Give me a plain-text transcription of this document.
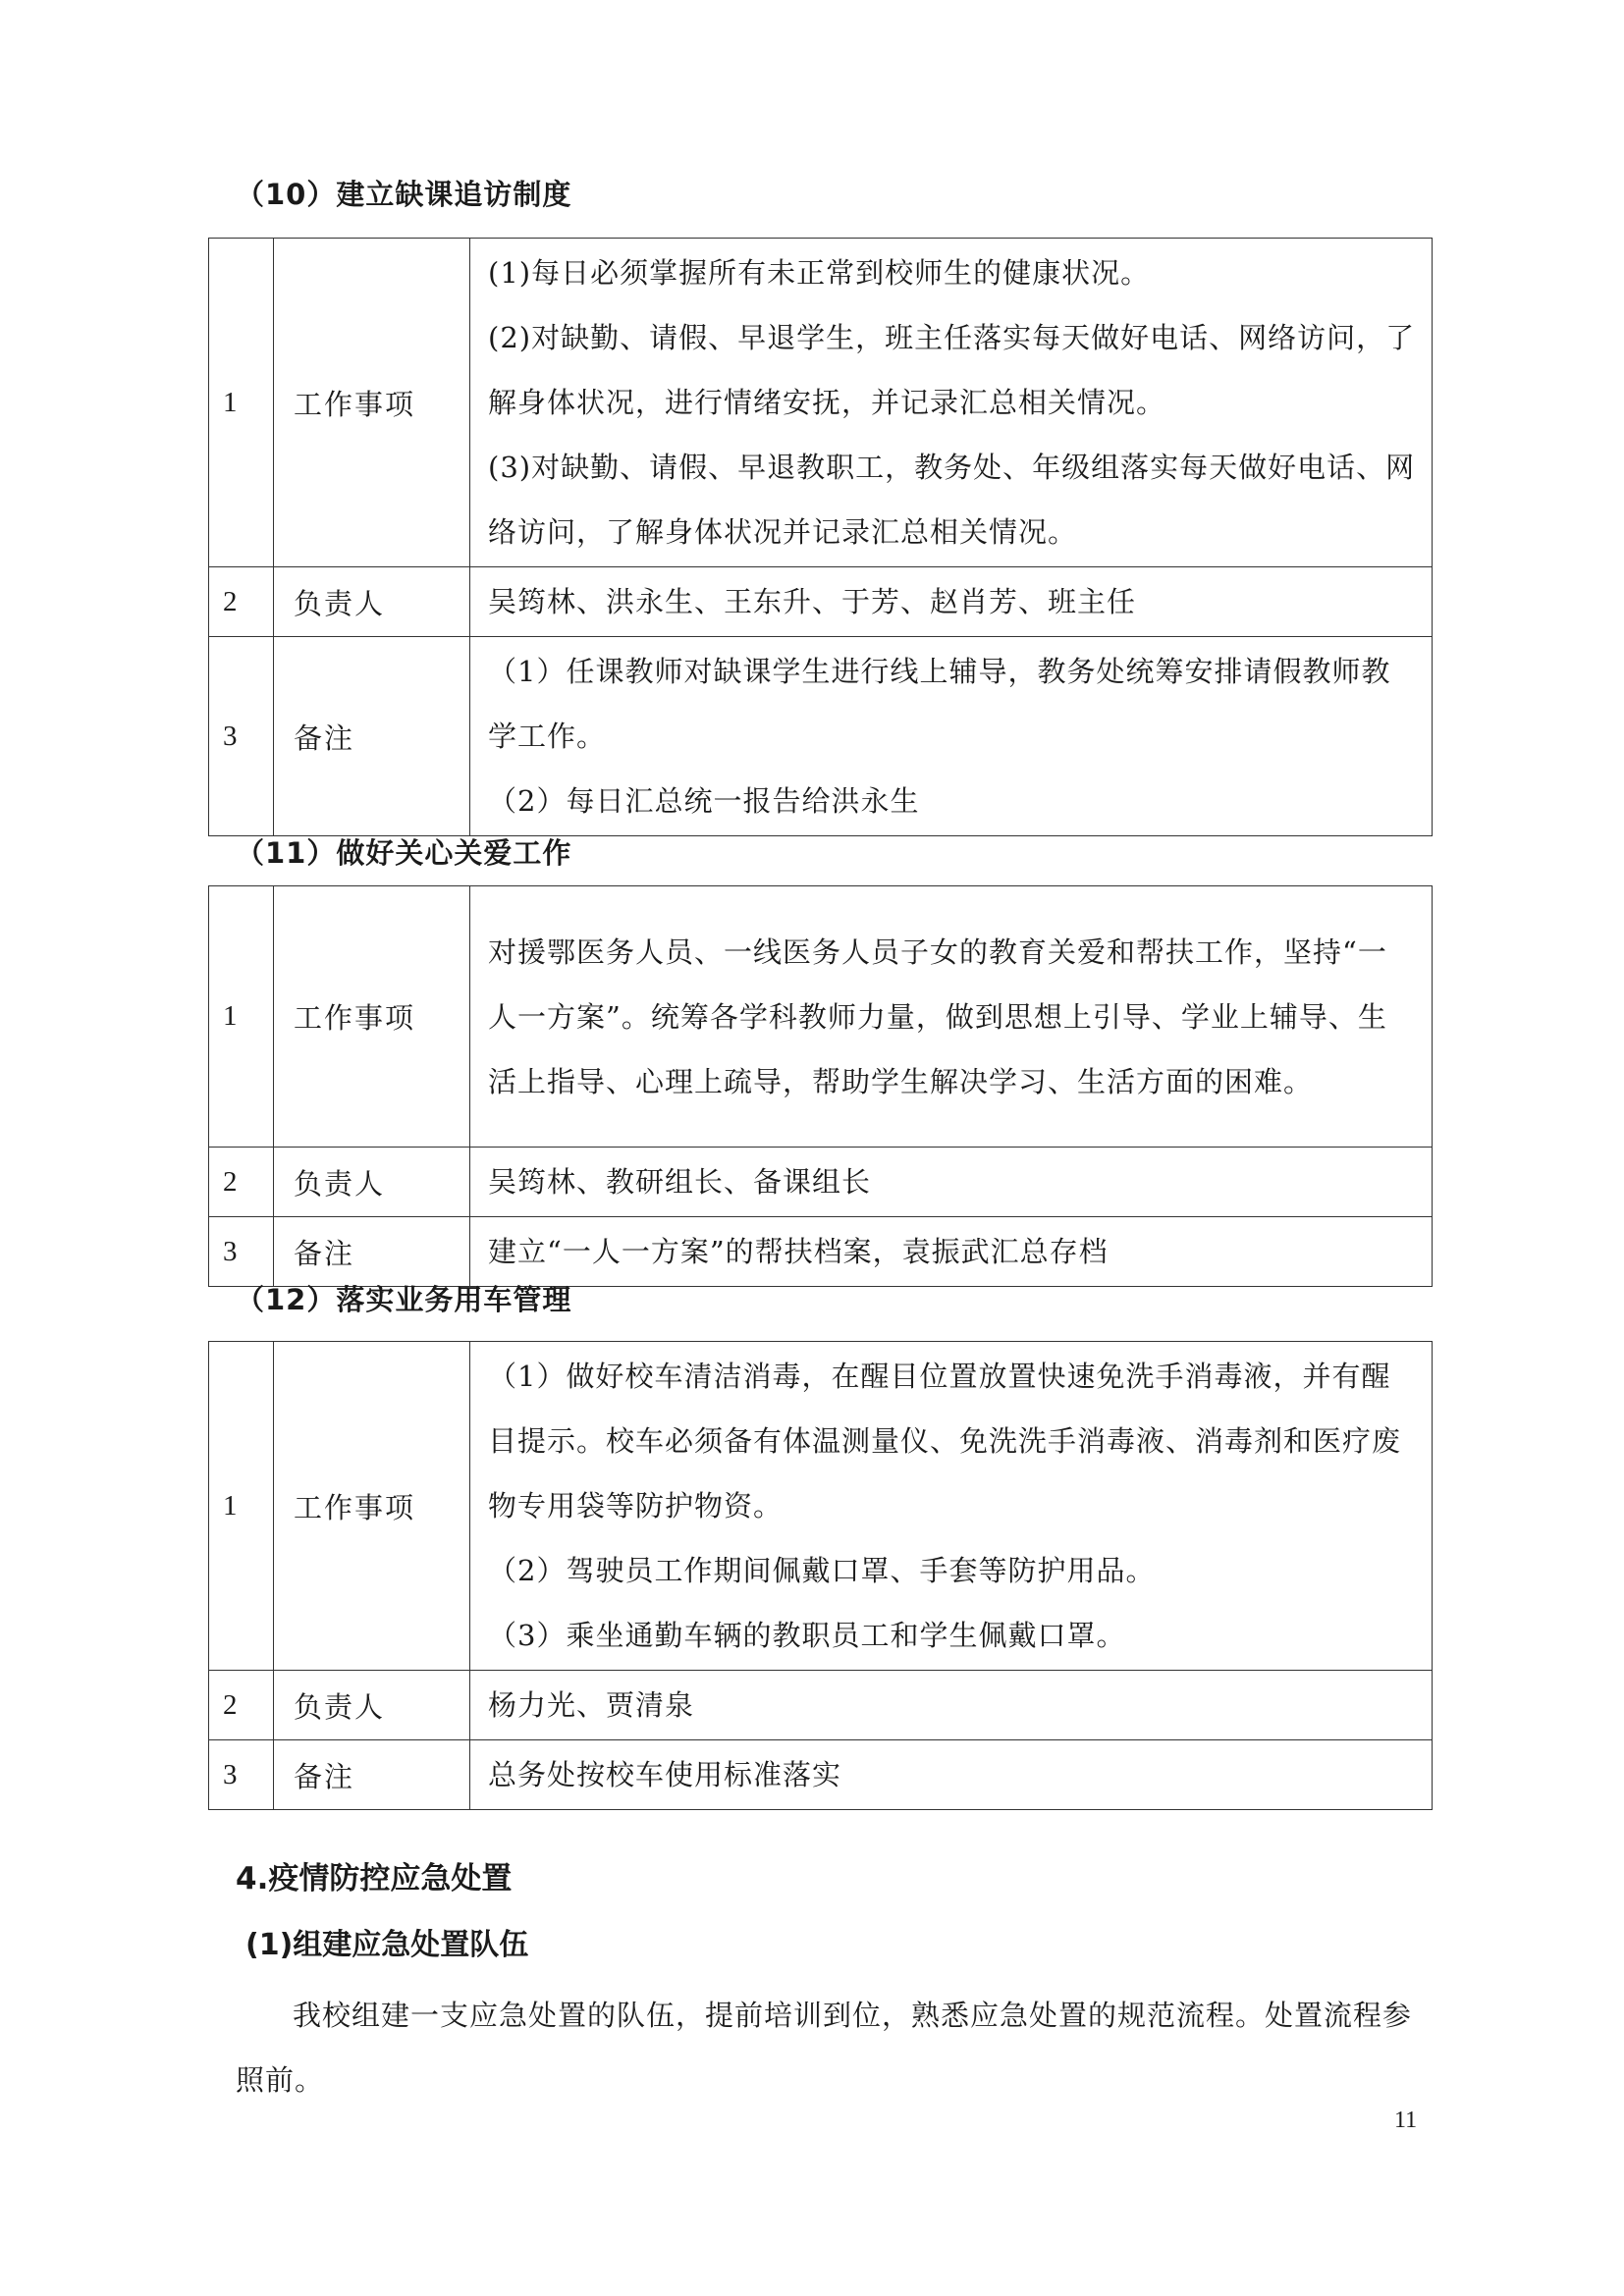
（10）建立缺课追访制度
1	工作事项	(1)每日必须掌握所有未正常到校师生的健康状况。

(2)对缺勤、请假、早退学生，班主任落实每天做好电话、网络访问，了解身体状况，进行情绪安抚，并记录汇总相关情况。

(3)对缺勤、请假、早退教职工，教务处、年级组落实每天做好电话、网络访问，了解身体状况并记录汇总相关情况。

2	负责人	吴筠林、洪永生、王东升、于芳、赵肖芳、班主任

3	备注	（1）任课教师对缺课学生进行线上辅导，教务处统筹安排请假教师教学工作。

（2）每日汇总统一报告给洪永生

（11）做好关心关爱工作
1	工作事项	对援鄂医务人员、一线医务人员子女的教育关爱和帮扶工作，坚持“一人一方案”。统筹各学科教师力量，做到思想上引导、学业上辅导、生活上指导、心理上疏导，帮助学生解决学习、生活方面的困难。

2	负责人	吴筠林、教研组长、备课组长

3	备注	建立“一人一方案”的帮扶档案，袁振武汇总存档

（12）落实业务用车管理
1	工作事项	（1）做好校车清洁消毒，在醒目位置放置快速免洗手消毒液，并有醒目提示。校车必须备有体温测量仪、免洗洗手消毒液、消毒剂和医疗废物专用袋等防护物资。

（2）驾驶员工作期间佩戴口罩、手套等防护用品。

（3）乘坐通勤车辆的教职员工和学生佩戴口罩。

2	负责人	杨力光、贾清泉

3	备注	总务处按校车使用标准落实

4.疫情防控应急处置
(1)组建应急处置队伍
我校组建一支应急处置的队伍，提前培训到位，熟悉应急处置的规范流程。处置流程参照前。
11
